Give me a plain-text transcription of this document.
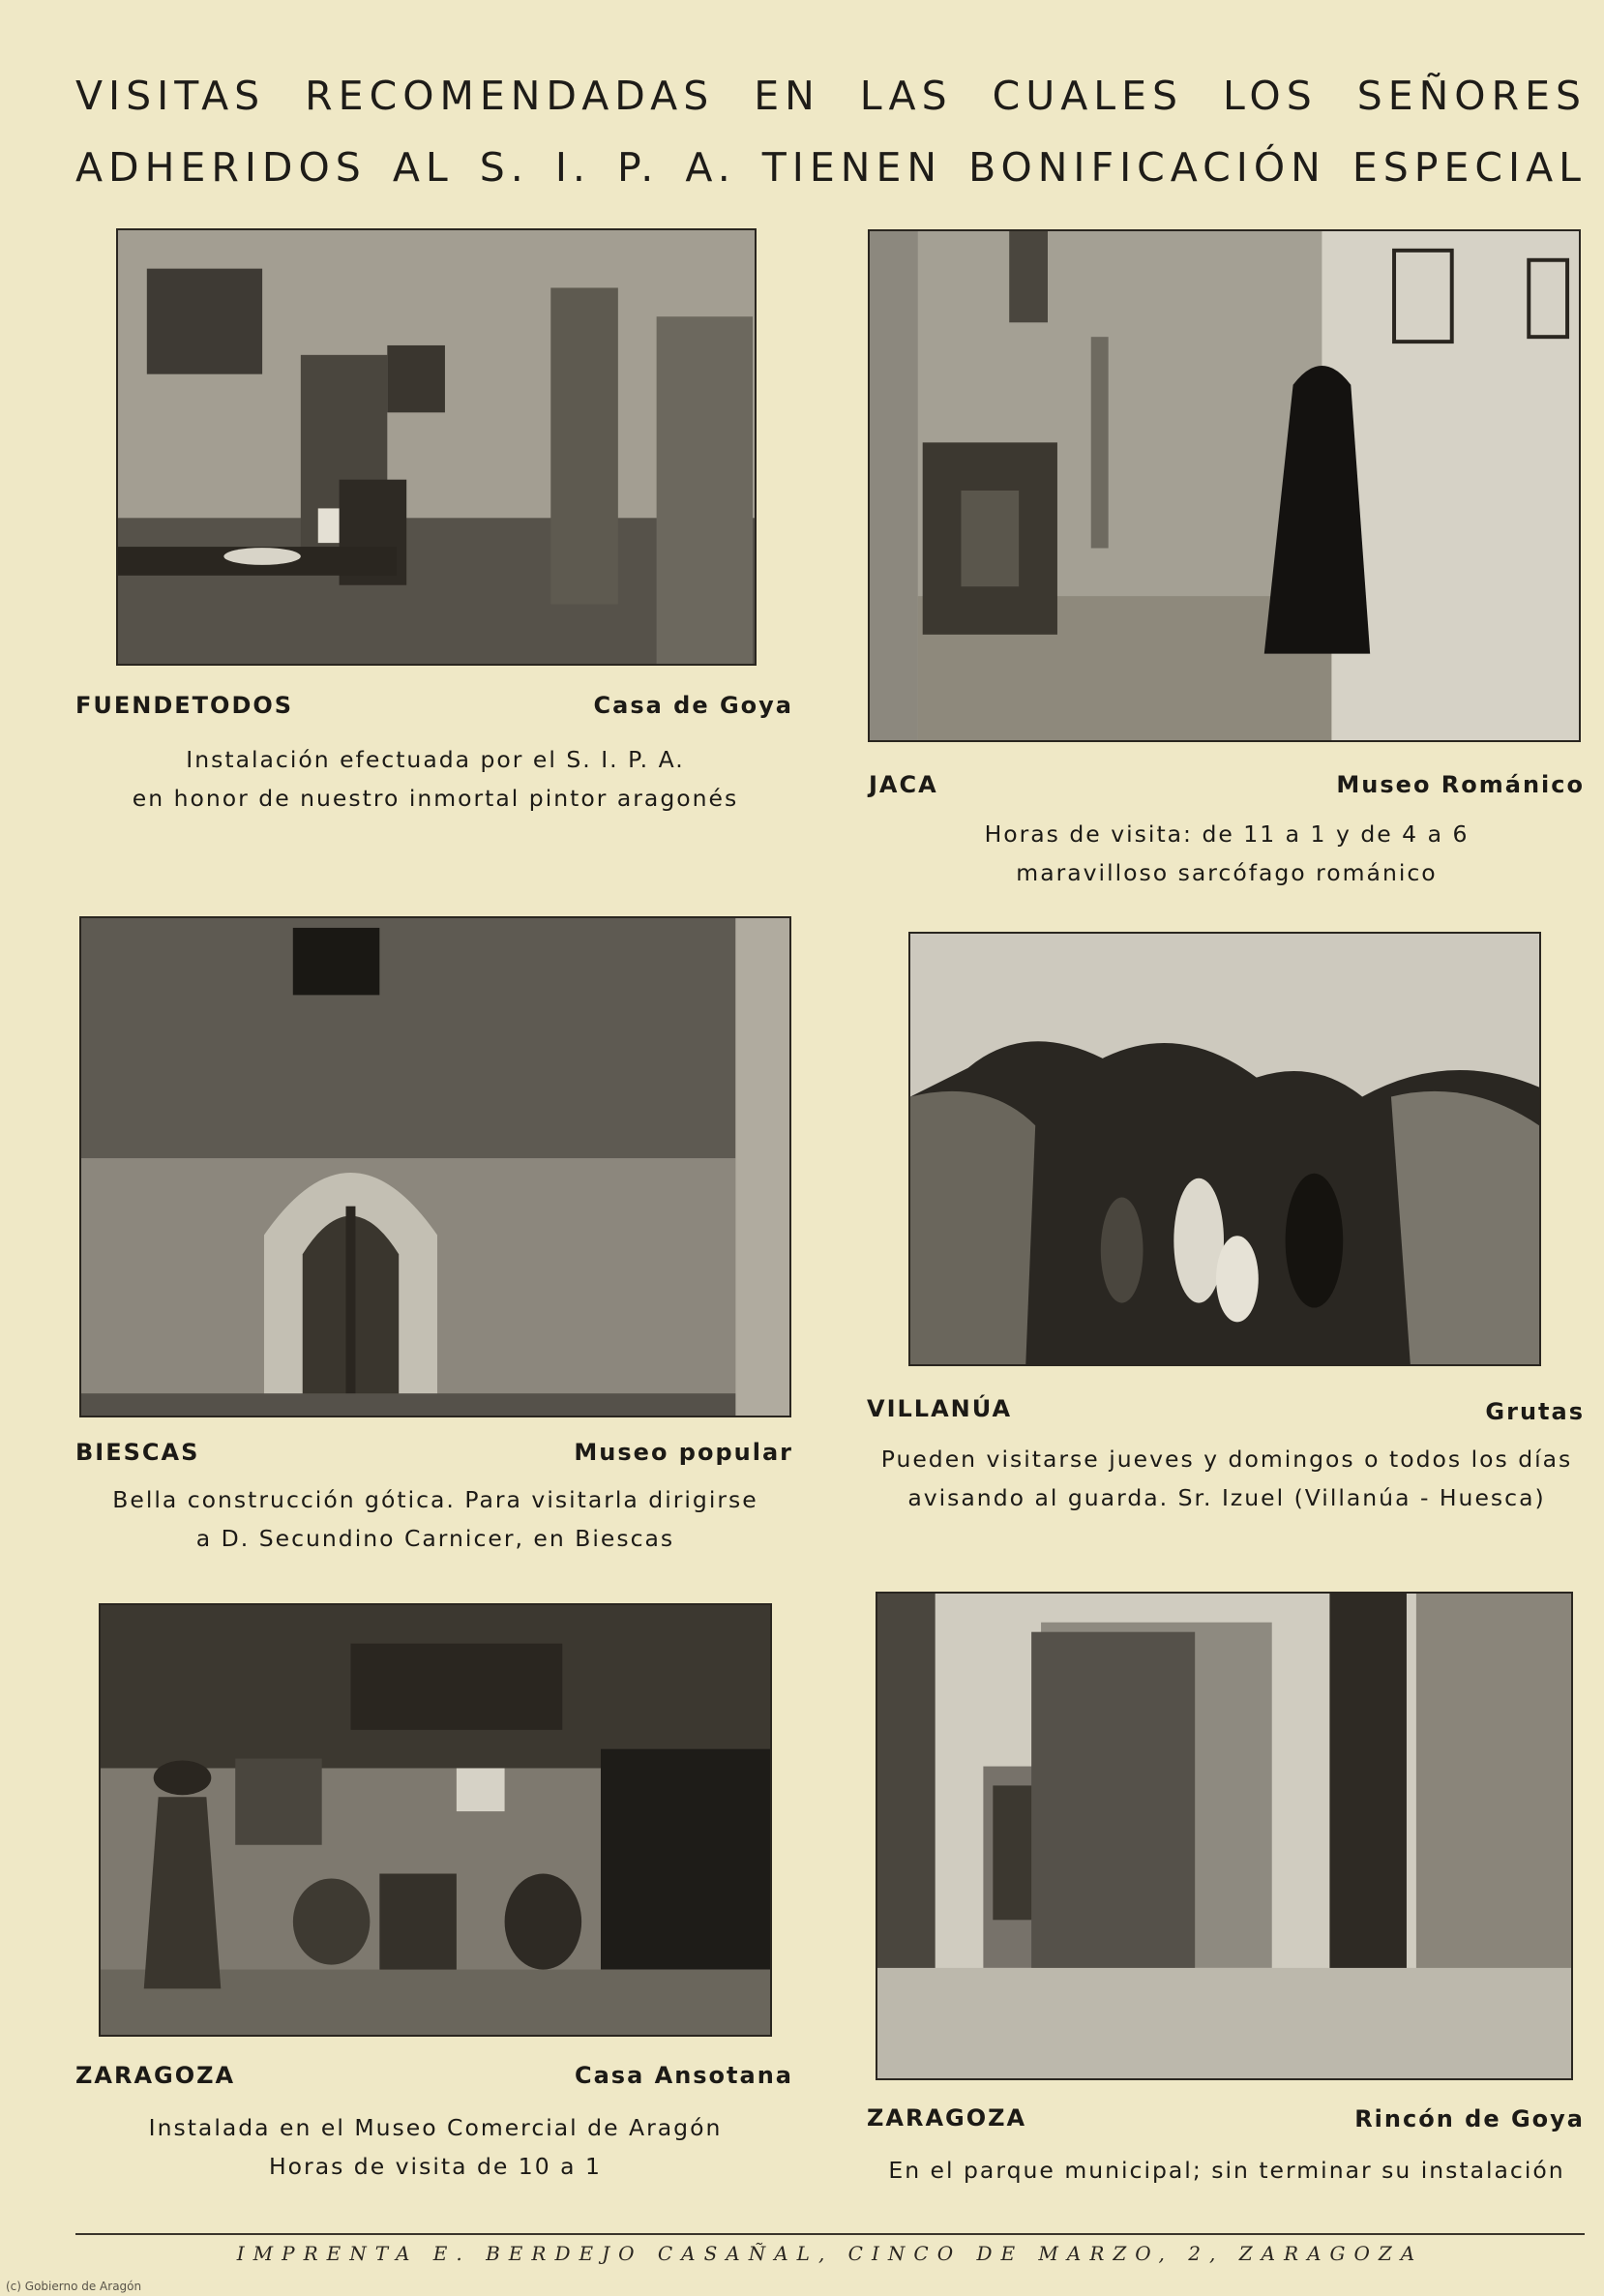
VISITAS RECOMENDADAS EN LAS CUALES LOS SEÑORES
ADHERIDOS AL S. I. P. A. TIENEN BONIFICACIÓN ESPECIAL
FUENDETODOS	Casa de Goya
Instalación efectuada por el S. I. P. A.
en honor de nuestro inmortal pintor aragonés	JACA	Museo Románico
Horas de visita: de 11 a 1 y de 4 a 6
maravilloso sarcófago románico
BIESCAS	Museo popular
Bella construcción gótica. Para visitarla dirigirse
a D. Secundino Carnicer, en Biescas
VILLANÚA	Grutas
Pueden visitarse jueves y domingos o todos los días
avisando al guarda. Sr. Izuel (Villanúa - Huesca)
ZARAGOZA	Casa Ansotana
Instalada en el Museo Comercial de Aragón
Horas de visita de 10 a 1
ZARAGOZA	Rincón de Goya
En el parque municipal; sin terminar su instalación
IMPRENTA E. BERDEJO CASAÑAL, CINCO DE MARZO, 2, ZARAGOZA
(c) Gobierno de Aragón
